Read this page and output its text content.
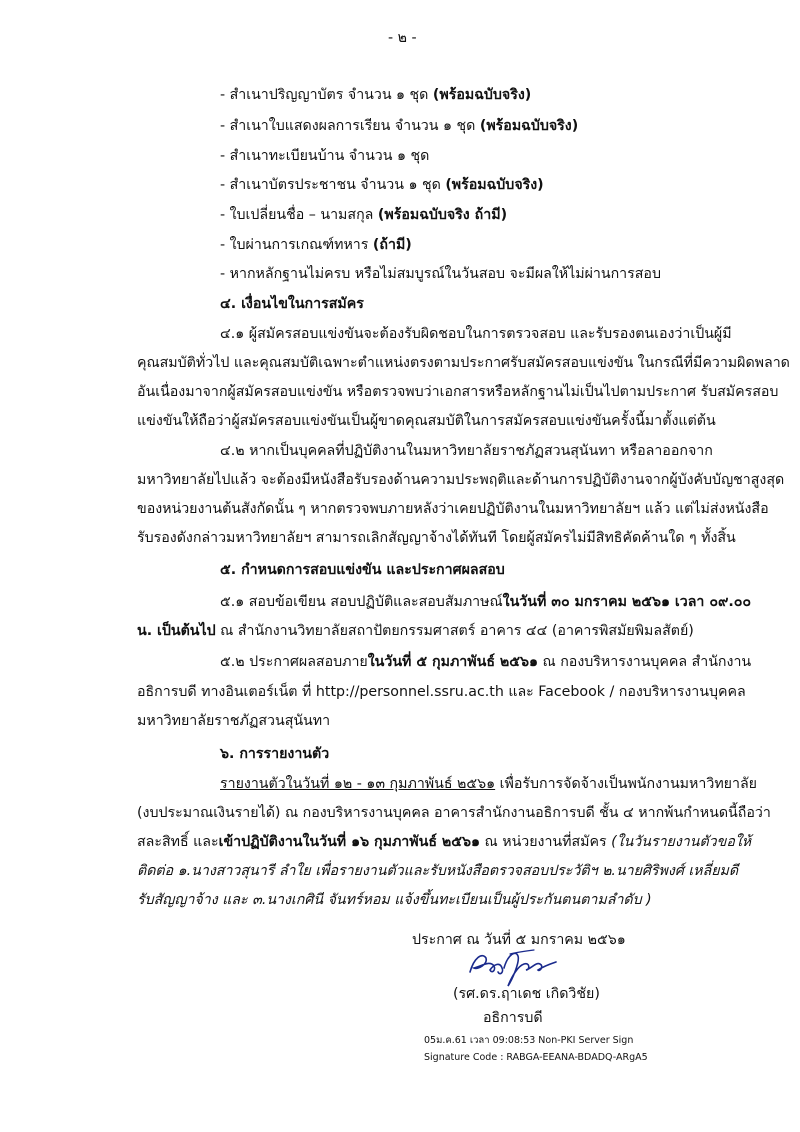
- ๒ -
- สำเนาปริญญาบัตร จำนวน ๑ ชุด (พร้อมฉบับจริง)
- สำเนาใบแสดงผลการเรียน จำนวน ๑ ชุด (พร้อมฉบับจริง)
- สำเนาทะเบียนบ้าน จำนวน ๑ ชุด
- สำเนาบัตรประชาชน จำนวน ๑ ชุด (พร้อมฉบับจริง)
- ใบเปลี่ยนชื่อ – นามสกุล (พร้อมฉบับจริง ถ้ามี)
- ใบผ่านการเกณฑ์ทหาร (ถ้ามี)
- หากหลักฐานไม่ครบ หรือไม่สมบูรณ์ในวันสอบ จะมีผลให้ไม่ผ่านการสอบ
๔. เงื่อนไขในการสมัคร
๔.๑ ผู้สมัครสอบแข่งขันจะต้องรับผิดชอบในการตรวจสอบ และรับรองตนเองว่าเป็นผู้มี
คุณสมบัติทั่วไป และคุณสมบัติเฉพาะตำแหน่งตรงตามประกาศรับสมัครสอบแข่งขัน ในกรณีที่มีความผิดพลาด
อันเนื่องมาจากผู้สมัครสอบแข่งขัน หรือตรวจพบว่าเอกสารหรือหลักฐานไม่เป็นไปตามประกาศ รับสมัครสอบ
แข่งขันให้ถือว่าผู้สมัครสอบแข่งขันเป็นผู้ขาดคุณสมบัติในการสมัครสอบแข่งขันครั้งนี้มาตั้งแต่ต้น
๔.๒ หากเป็นบุคคลที่ปฏิบัติงานในมหาวิทยาลัยราชภัฏสวนสุนันทา หรือลาออกจาก
มหาวิทยาลัยไปแล้ว จะต้องมีหนังสือรับรองด้านความประพฤติและด้านการปฏิบัติงานจากผู้บังคับบัญชาสูงสุด
ของหน่วยงานต้นสังกัดนั้น ๆ หากตรวจพบภายหลังว่าเคยปฏิบัติงานในมหาวิทยาลัยฯ แล้ว แต่ไม่ส่งหนังสือ
รับรองดังกล่าวมหาวิทยาลัยฯ สามารถเลิกสัญญาจ้างได้ทันที โดยผู้สมัครไม่มีสิทธิคัดค้านใด ๆ ทั้งสิ้น
๕. กำหนดการสอบแข่งขัน และประกาศผลสอบ
๕.๑ สอบข้อเขียน สอบปฏิบัติและสอบสัมภาษณ์ในวันที่ ๓๐ มกราคม ๒๕๖๑ เวลา ๐๙.๐๐
น. เป็นต้นไป ณ สำนักงานวิทยาลัยสถาปัตยกรรมศาสตร์ อาคาร ๔๔ (อาคารพิสมัยพิมลสัตย์)
๕.๒ ประกาศผลสอบภายในวันที่ ๕ กุมภาพันธ์ ๒๕๖๑ ณ กองบริหารงานบุคคล สำนักงาน
อธิการบดี ทางอินเตอร์เน็ต ที่ http://personnel.ssru.ac.th และ Facebook / กองบริหารงานบุคคล
มหาวิทยาลัยราชภัฏสวนสุนันทา
๖. การรายงานตัว
รายงานตัวในวันที่ ๑๒ - ๑๓ กุมภาพันธ์ ๒๕๖๑ เพื่อรับการจัดจ้างเป็นพนักงานมหาวิทยาลัย
(งบประมาณเงินรายได้) ณ กองบริหารงานบุคคล อาคารสำนักงานอธิการบดี ชั้น ๔ หากพ้นกำหนดนี้ถือว่า
สละสิทธิ์ และเข้าปฏิบัติงานในวันที่ ๑๖ กุมภาพันธ์ ๒๕๖๑ ณ หน่วยงานที่สมัคร (ในวันรายงานตัวขอให้
ติดต่อ ๑.นางสาวสุนารี ลำใย เพื่อรายงานตัวและรับหนังสือตรวจสอบประวัติฯ ๒.นายศิริพงศ์ เหลี่ยมดี
รับสัญญาจ้าง และ ๓.นางเกศินี จันทร์หอม แจ้งขึ้นทะเบียนเป็นผู้ประกันตนตามลำดับ )
ประกาศ ณ วันที่ ๕ มกราคม ๒๕๖๑
(รศ.ดร.ฤาเดช เกิดวิชัย)
อธิการบดี
05ม.ค.61 เวลา 09:08:53 Non-PKI Server Sign
Signature Code : RABGA-EEANA-BDADQ-ARgA5
